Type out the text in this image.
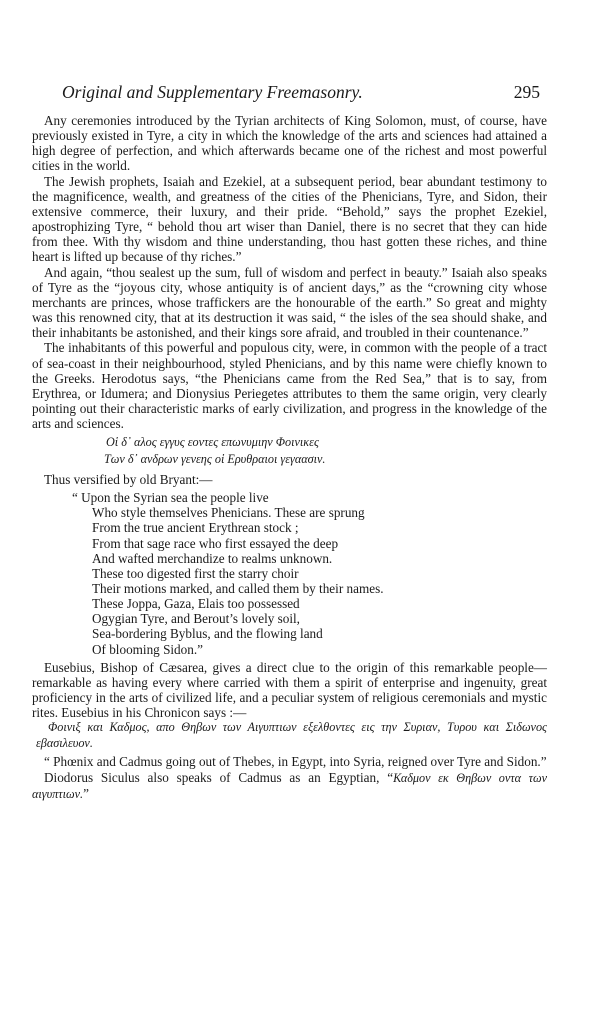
Original and Supplementary Freemasonry.	295

Any ceremonies introduced by the Tyrian architects of King Solomon, must, of course, have previously existed in Tyre, a city in which the knowledge of the arts and sciences had attained a high degree of perfection, and which afterwards became one of the richest and most powerful cities in the world.

The Jewish prophets, Isaiah and Ezekiel, at a subsequent period, bear abundant testimony to the magnificence, wealth, and greatness of the cities of the Phenicians, Tyre, and Sidon, their extensive commerce, their luxury, and their pride. “Behold,” says the prophet Ezekiel, apostrophizing Tyre, “ behold thou art wiser than Daniel, there is no secret that they can hide from thee. With thy wisdom and thine understanding, thou hast gotten these riches, and thine heart is lifted up because of thy riches.”

And again, “thou sealest up the sum, full of wisdom and perfect in beauty.” Isaiah also speaks of Tyre as the “joyous city, whose antiquity is of ancient days,” as the “crowning city whose merchants are princes, whose traffickers are the honourable of the earth.” So great and mighty was this renowned city, that at its destruction it was said, “ the isles of the sea should shake, and their inhabitants be astonished, and their kings sore afraid, and troubled in their countenance.”

The inhabitants of this powerful and populous city, were, in common with the people of a tract of sea-coast in their neighbourhood, styled Phenicians, and by this name were chiefly known to the Greeks. Herodotus says, “the Phenicians came from the Red Sea,” that is to say, from Erythrea, or Idumera; and Dionysius Periegetes attributes to them the same origin, very clearly pointing out their characteristic marks of early civilization, and progress in the knowledge of the arts and sciences.

Οἱ δ᾽ αλος εγγυς εοντες επωνυμιην Φοινικες
Των δ᾽ ανδρων γενεης οἱ Ερυθραιοι γεγαασιν.

Thus versified by old Bryant:—

“ Upon the Syrian sea the people live
Who style themselves Phenicians. These are sprung
From the true ancient Erythrean stock ;
From that sage race who first essayed the deep
And wafted merchandize to realms unknown.
These too digested first the starry choir
Their motions marked, and called them by their names.
These Joppa, Gaza, Elais too possessed
Ogygian Tyre, and Berout’s lovely soil,
Sea-bordering Byblus, and the flowing land
Of blooming Sidon.”

Eusebius, Bishop of Cæsarea, gives a direct clue to the origin of this remarkable people—remarkable as having every where carried with them a spirit of enterprise and ingenuity, great proficiency in the arts of civilized life, and a peculiar system of religious ceremonials and mystic rites. Eusebius in his Chronicon says :—

Φοινιξ και Καδμος, απο Θηβων των Αιγυπτιων εξελθοντες εις την Συριαν, Τυρου και Σιδωνος εβασιλευον.

“ Phœnix and Cadmus going out of Thebes, in Egypt, into Syria, reigned over Tyre and Sidon.”

Diodorus Siculus also speaks of Cadmus as an Egyptian, “Καδμον εκ Θηβων οντα των αιγυπτιων.”
